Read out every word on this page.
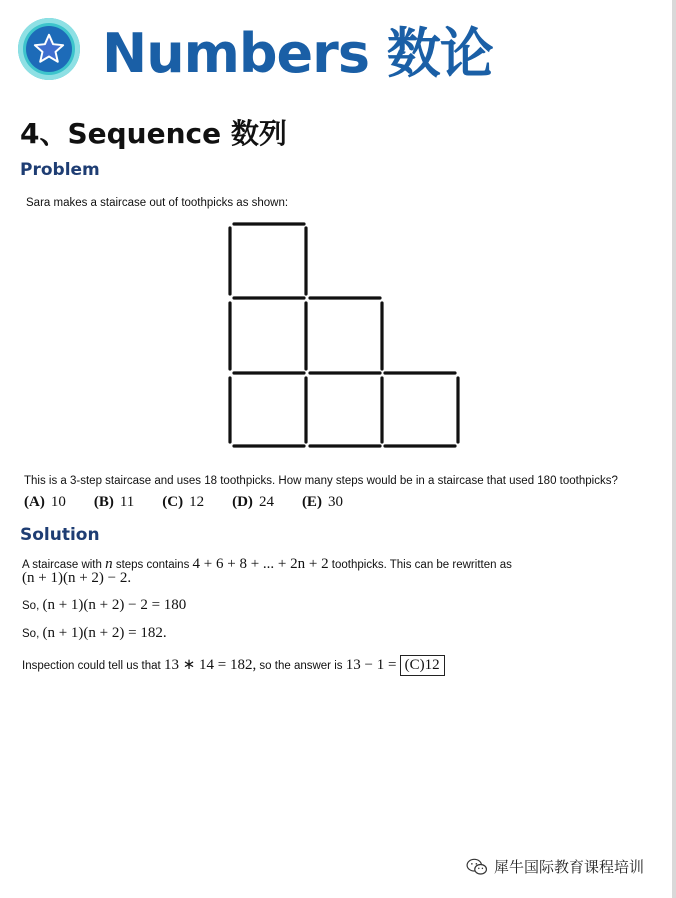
Numbers 数论
4、Sequence 数列
Problem
Sara makes a staircase out of toothpicks as shown:
This is a 3-step staircase and uses 18 toothpicks. How many steps would be in a staircase that used 180 toothpicks?
(A) 10 (B) 11 (C) 12 (D) 24 (E) 30
Solution
A staircase with n steps contains 4 + 6 + 8 + ... + 2n + 2 toothpicks. This can be rewritten as
(n + 1)(n + 2) − 2.
So, (n + 1)(n + 2) − 2 = 180
So, (n + 1)(n + 2) = 182.
Inspection could tell us that 13 ∗ 14 = 182, so the answer is 13 − 1 = (C)12
犀牛国际教育课程培训
